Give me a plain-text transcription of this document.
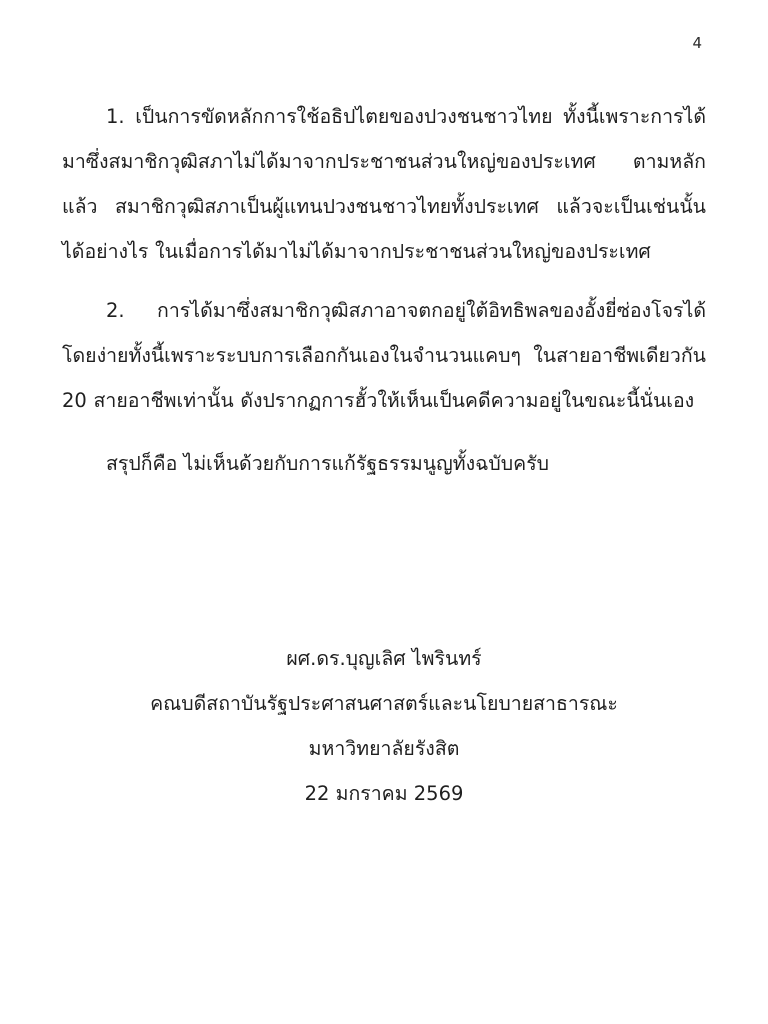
4

1. เป็นการขัดหลักการใช้อธิปไตยของปวงชนชาวไทย ทั้งนี้เพราะการได้มาซึ่งสมาชิกวุฒิสภาไม่ได้มาจากประชาชนส่วนใหญ่ของประเทศ ตามหลักแล้ว สมาชิกวุฒิสภาเป็นผู้แทนปวงชนชาวไทยทั้งประเทศ แล้วจะเป็นเช่นนั้นได้อย่างไร ในเมื่อการได้มาไม่ได้มาจากประชาชนส่วนใหญ่ของประเทศ

2. การได้มาซึ่งสมาชิกวุฒิสภาอาจตกอยู่ใต้อิทธิพลของอั้งยี่ซ่องโจรได้โดยง่ายทั้งนี้เพราะระบบการเลือกกันเองในจำนวนแคบๆ ในสายอาชีพเดียวกัน 20 สายอาชีพเท่านั้น ดังปรากฏการฮั้วให้เห็นเป็นคดีความอยู่ในขณะนี้นั่นเอง

สรุปก็คือ ไม่เห็นด้วยกับการแก้รัฐธรรมนูญทั้งฉบับครับ

ผศ.ดร.บุญเลิศ ไพรินทร์
คณบดีสถาบันรัฐประศาสนศาสตร์และนโยบายสาธารณะ
มหาวิทยาลัยรังสิต
22 มกราคม 2569
